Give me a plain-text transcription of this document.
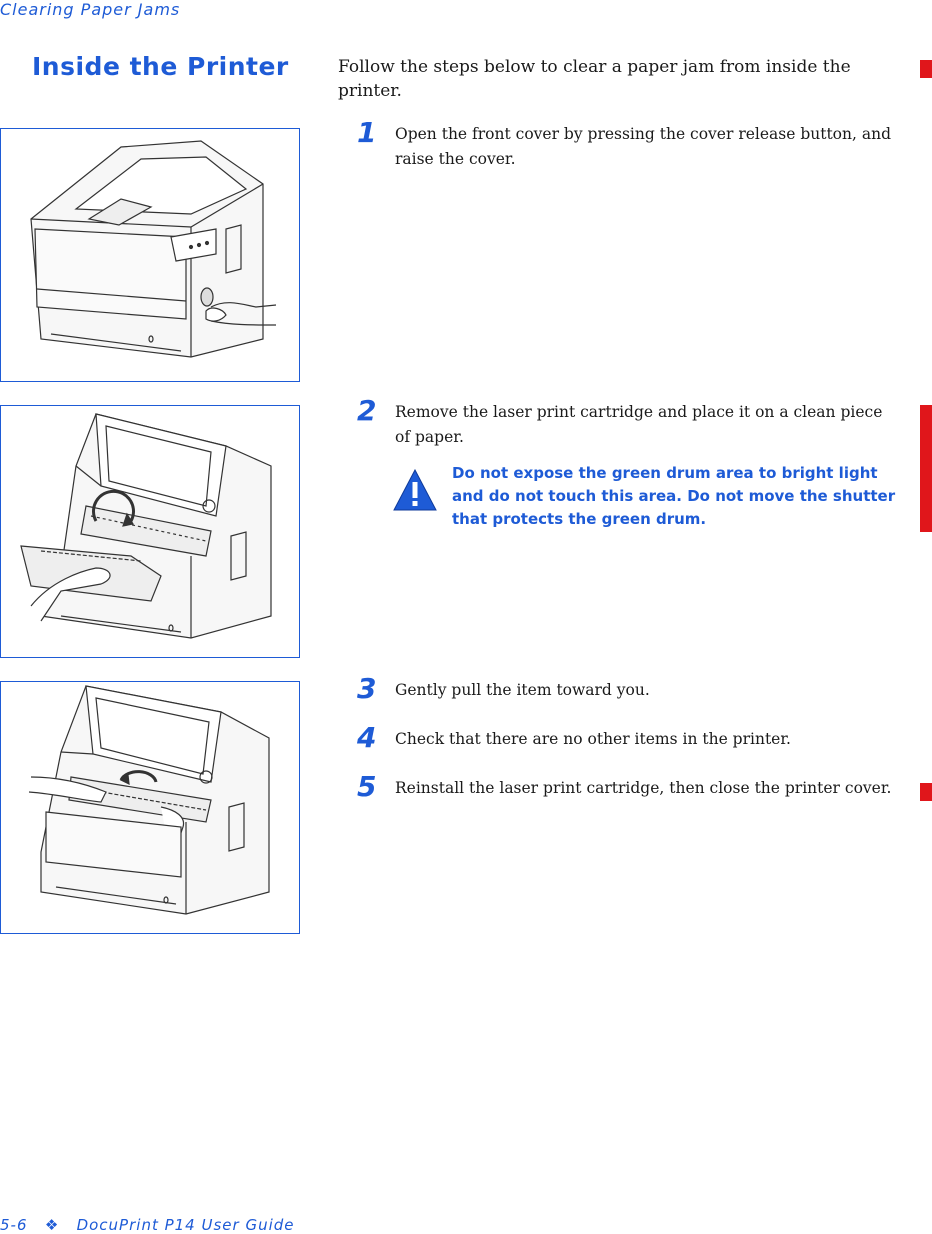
Clearing Paper Jams
Inside the Printer	Follow the steps below to clear a paper jam from inside the printer.
1 Open the front cover by pressing the cover release button, and raise the cover.
2 Remove the laser print cartridge and place it on a clean piece of paper.
Do not expose the green drum area to bright light and do not touch this area. Do not move the shutter that protects the green drum.
3 Gently pull the item toward you.
4 Check that there are no other items in the printer.
5 Reinstall the laser print cartridge, then close the printer cover.
5-6 ❖ DocuPrint P14 User Guide
